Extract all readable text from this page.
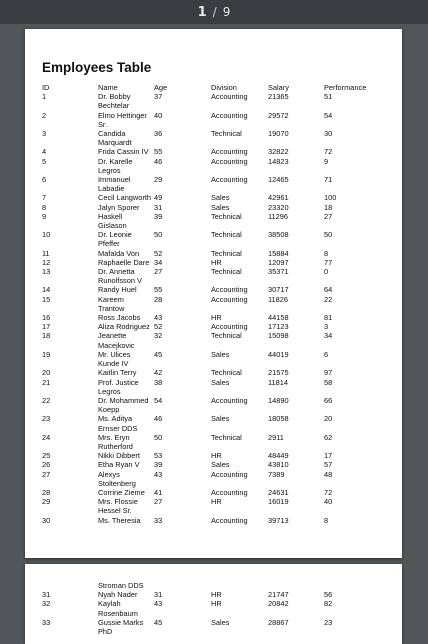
1 / 9
Employees Table
ID	Name	Age	Division	Salary	Performance
1	Dr. Bobby Bechtelar	37	Accounting	21365	51
2	Elmo Hettinger Sr.	40	Accounting	29572	54
3	Candida Marquardt	36	Technical	19070	30
4	Frida Cassin IV	55	Accounting	32822	72
5	Dr. Karelle Legros	46	Accounting	14823	9
6	Immanuel Labadie	29	Accounting	12465	71
7	Cecil Langworth	49	Sales	42961	100
8	Jalyn Sporer	31	Sales	23320	18
9	Haskell Gislason	39	Technical	11296	27
10	Dr. Leonie Pfeffer	50	Technical	38508	50
11	Mafalda Von	52	Technical	15884	8
12	Raphaelle Dare	34	HR	12097	77
13	Dr. Annetta Runolfsson V	27	Technical	35371	0
14	Randy Huel	55	Accounting	30717	64
15	Kareem Trantow	28	Accounting	11826	22
16	Ross Jacobs	43	HR	44158	81
17	Aliza Rodriguez	52	Accounting	17123	3
18	Jeanette Macejkovic	32	Technical	15098	34
19	Mr. Ulices Kunde IV	45	Sales	44019	6
20	Kaitlin Terry	42	Technical	21575	97
21	Prof. Justice Legros	38	Sales	11814	58
22	Dr. Mohammed Koepp	54	Accounting	14890	66
23	Ms. Aditya Ernser DDS	46	Sales	18058	20
24	Mrs. Eryn Rutherford	50	Technical	2911	62
25	Nikki Dibbert	53	HR	48449	17
26	Etha Ryan V	39	Sales	43810	57
27	Alexys Stoltenberg	43	Accounting	7389	48
28	Corrine Zieme	41	Accounting	24631	72
29	Mrs. Flossie Hessel Sr.	27	HR	16019	40
30	Ms. Theresia	33	Accounting	39713	8
	Stroman DDS				
31	Nyah Nader	31	HR	21747	56
32	Kaylah Rosenbaum	43	HR	20842	82
33	Gussie Marks PhD	45	Sales	28867	23
